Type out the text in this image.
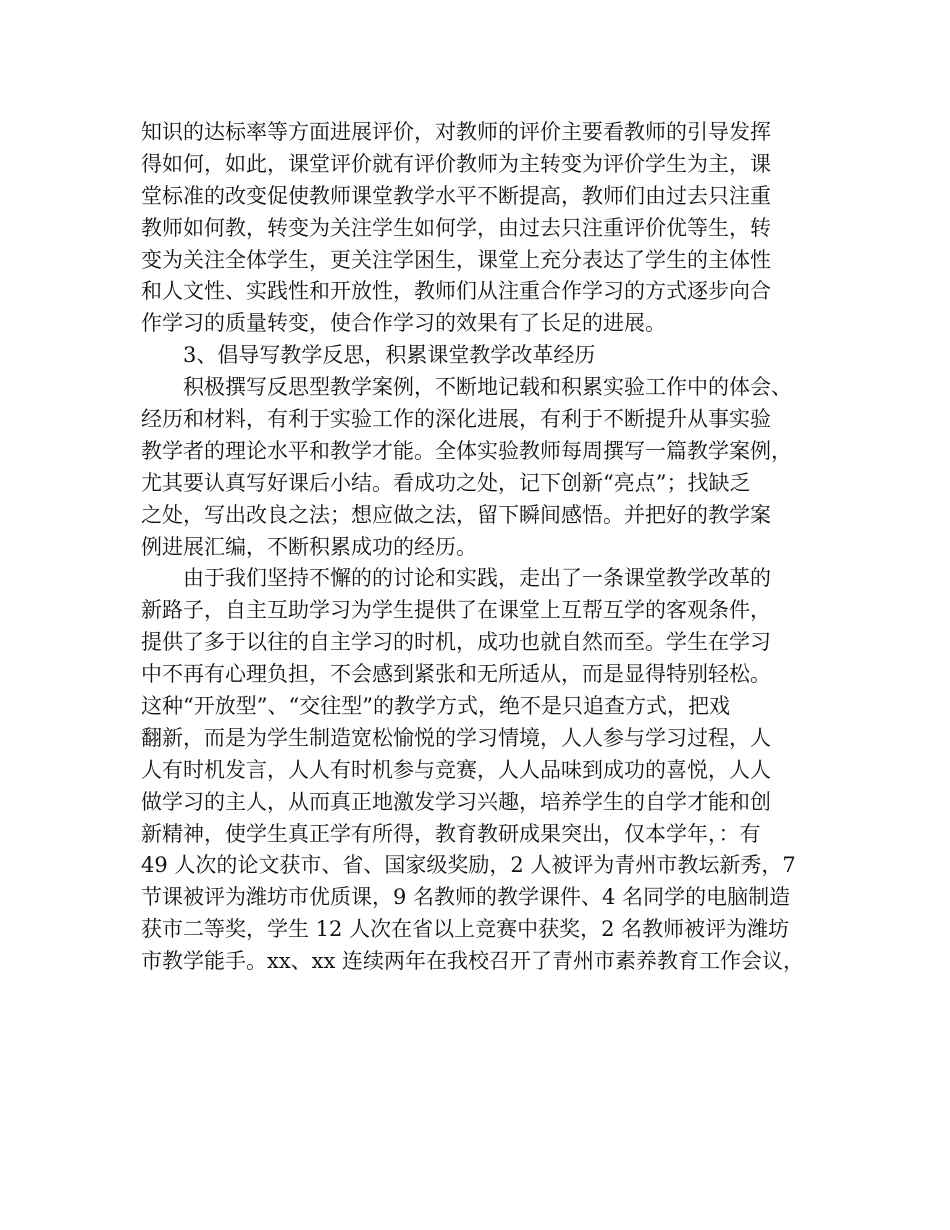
知识的达标率等方面进展评价，对教师的评价主要看教师的引导发挥
得如何，如此，课堂评价就有评价教师为主转变为评价学生为主，课
堂标准的改变促使教师课堂教学水平不断提高，教师们由过去只注重
教师如何教，转变为关注学生如何学，由过去只注重评价优等生，转
变为关注全体学生，更关注学困生，课堂上充分表达了学生的主体性
和人文性、实践性和开放性，教师们从注重合作学习的方式逐步向合
作学习的质量转变，使合作学习的效果有了长足的进展。
3、倡导写教学反思，积累课堂教学改革经历
积极撰写反思型教学案例，不断地记载和积累实验工作中的体会、
经历和材料，有利于实验工作的深化进展，有利于不断提升从事实验
教学者的理论水平和教学才能。全体实验教师每周撰写一篇教学案例，
尤其要认真写好课后小结。看成功之处，记下创新“亮点”；找缺乏
之处，写出改良之法；想应做之法，留下瞬间感悟。并把好的教学案
例进展汇编，不断积累成功的经历。
由于我们坚持不懈的的讨论和实践，走出了一条课堂教学改革的
新路子，自主互助学习为学生提供了在课堂上互帮互学的客观条件，
提供了多于以往的自主学习的时机，成功也就自然而至。学生在学习
中不再有心理负担，不会感到紧张和无所适从，而是显得特别轻松。
这种“开放型”、“交往型”的教学方式，绝不是只追查方式，把戏
翻新，而是为学生制造宽松愉悦的学习情境，人人参与学习过程，人
人有时机发言，人人有时机参与竞赛，人人品味到成功的喜悦，人人
做学习的主人，从而真正地激发学习兴趣，培养学生的自学才能和创
新精神，使学生真正学有所得，教育教研成果突出，仅本学年，：有
49 人次的论文获市、省、国家级奖励，2 人被评为青州市教坛新秀，7
节课被评为潍坊市优质课，9 名教师的教学课件、4 名同学的电脑制造
获市二等奖，学生 12 人次在省以上竞赛中获奖，2 名教师被评为潍坊
市教学能手。xx、xx 连续两年在我校召开了青州市素养教育工作会议，
